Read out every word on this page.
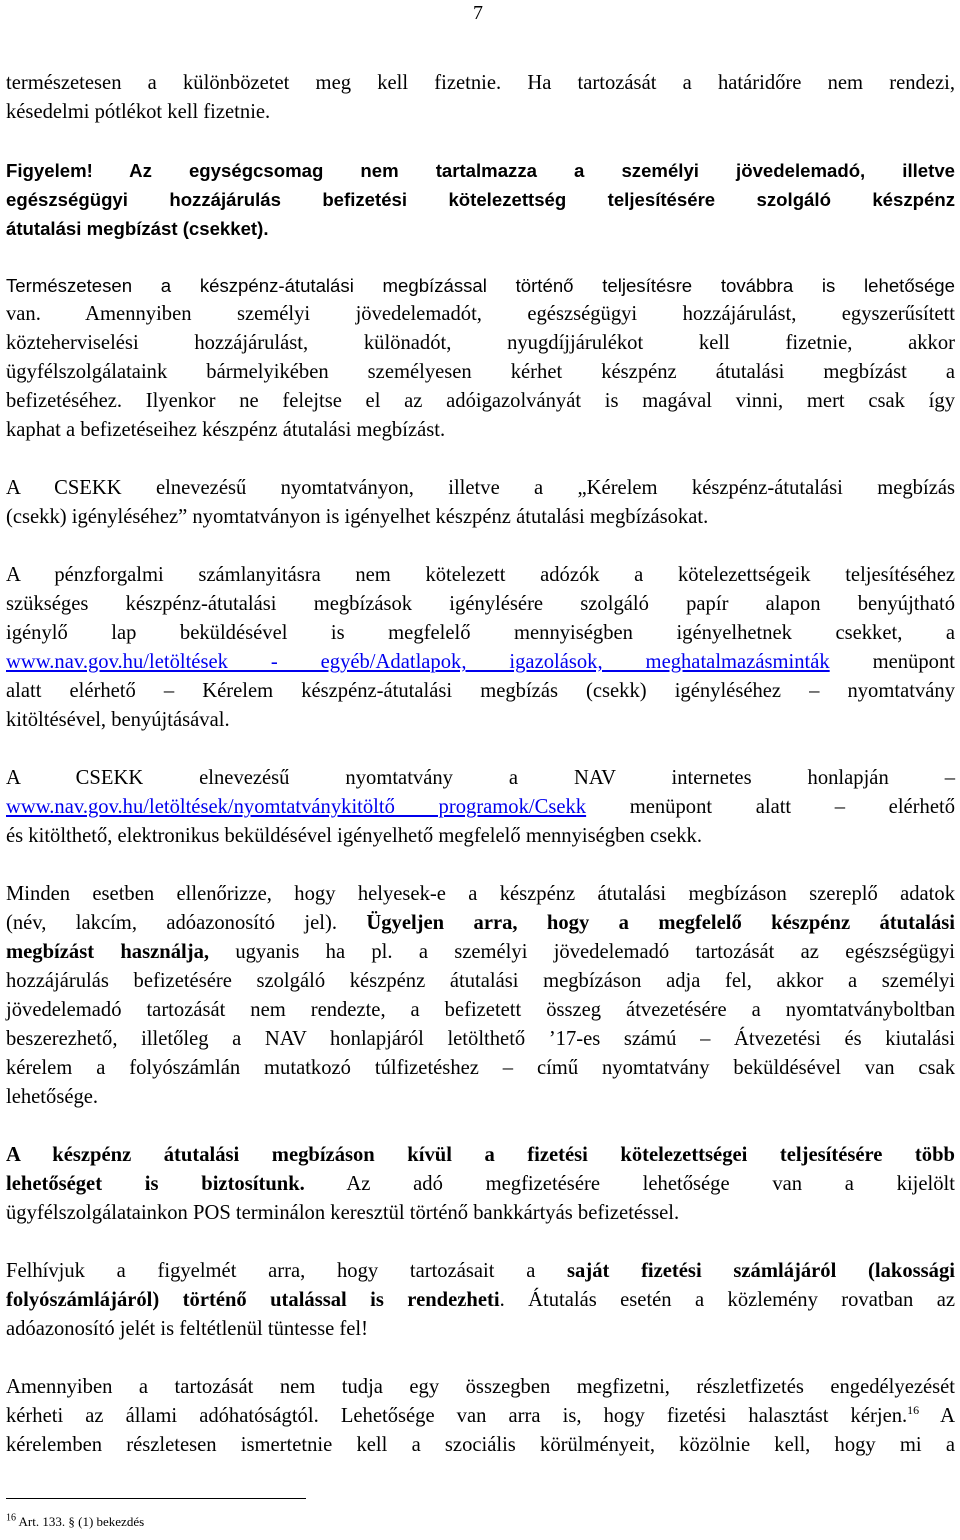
7
természetesen a különbözetet meg kell fizetnie. Ha tartozását a határidőre nem rendezi,
késedelmi pótlékot kell fizetnie.
Figyelem! Az egységcsomag nem tartalmazza a személyi jövedelemadó, illetve
egészségügyi hozzájárulás befizetési kötelezettség teljesítésére szolgáló készpénz
átutalási megbízást (csekket).
Természetesen a készpénz-átutalási megbízással történő teljesítésre továbbra is lehetősége
van. Amennyiben személyi jövedelemadót, egészségügyi hozzájárulást, egyszerűsített
közteherviselési hozzájárulást, különadót, nyugdíjjárulékot kell fizetnie, akkor
ügyfélszolgálataink bármelyikében személyesen kérhet készpénz átutalási megbízást a
befizetéséhez. Ilyenkor ne felejtse el az adóigazolványát is magával vinni, mert csak így
kaphat a befizetéseihez készpénz átutalási megbízást.
A CSEKK elnevezésű nyomtatványon, illetve a „Kérelem készpénz-átutalási megbízás
(csekk) igényléséhez” nyomtatványon is igényelhet készpénz átutalási megbízásokat.
A pénzforgalmi számlanyitásra nem kötelezett adózók a kötelezettségeik teljesítéséhez
szükséges készpénz-átutalási megbízások igénylésére szolgáló papír alapon benyújtható
igénylő lap beküldésével is megfelelő mennyiségben igényelhetnek csekket, a
www.nav.gov.hu/letöltések - egyéb/Adatlapok, igazolások, meghatalmazásminták menüpont
alatt elérhető – Kérelem készpénz-átutalási megbízás (csekk) igényléséhez – nyomtatvány
kitöltésével, benyújtásával.
A CSEKK elnevezésű nyomtatvány a NAV internetes honlapján –
www.nav.gov.hu/letöltések/nyomtatványkitöltő programok/Csekk menüpont alatt – elérhető
és kitölthető, elektronikus beküldésével igényelhető megfelelő mennyiségben csekk.
Minden esetben ellenőrizze, hogy helyesek-e a készpénz átutalási megbízáson szereplő adatok
(név, lakcím, adóazonosító jel). Ügyeljen arra, hogy a megfelelő készpénz átutalási
megbízást használja, ugyanis ha pl. a személyi jövedelemadó tartozását az egészségügyi
hozzájárulás befizetésére szolgáló készpénz átutalási megbízáson adja fel, akkor a személyi
jövedelemadó tartozását nem rendezte, a befizetett összeg átvezetésére a nyomtatványboltban
beszerezhető, illetőleg a NAV honlapjáról letölthető ’17-es számú – Átvezetési és kiutalási
kérelem a folyószámlán mutatkozó túlfizetéshez – című nyomtatvány beküldésével van csak
lehetősége.
A készpénz átutalási megbízáson kívül a fizetési kötelezettségei teljesítésére több
lehetőséget is biztosítunk. Az adó megfizetésére lehetősége van a kijelölt
ügyfélszolgálatainkon POS terminálon keresztül történő bankkártyás befizetéssel.
Felhívjuk a figyelmét arra, hogy tartozásait a saját fizetési számlájáról (lakossági
folyószámlájáról) történő utalással is rendezheti. Átutalás esetén a közlemény rovatban az
adóazonosító jelét is feltétlenül tüntesse fel!
Amennyiben a tartozását nem tudja egy összegben megfizetni, részletfizetés engedélyezését
kérheti az állami adóhatóságtól. Lehetősége van arra is, hogy fizetési halasztást kérjen.$^{16}$ A
kérelemben részletesen ismertetnie kell a szociális körülményeit, közölnie kell, hogy mi a
$^{16}$ Art. 133. § (1) bekezdés
